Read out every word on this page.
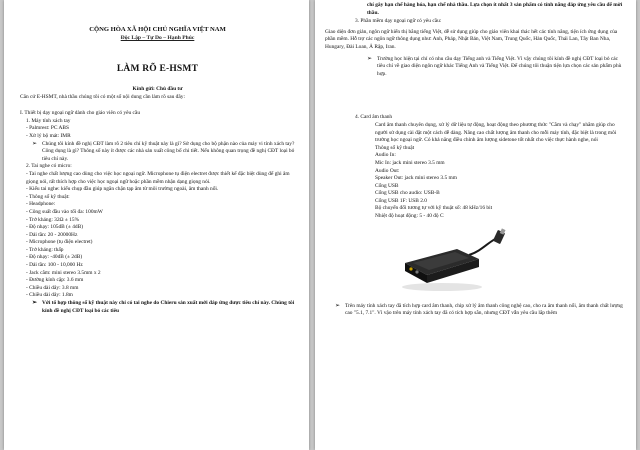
CỘNG HÒA XÃ HỘI CHỦ NGHĨA VIỆT NAM
Độc Lập – Tự Do – Hạnh Phúc
LÀM RÕ E-HSMT
Kính gửi: Chủ đầu tư
Căn cứ E-HSMT, nhà thầu chúng tôi có một số nội dung cần làm rõ sau đây:
I. Thiết bị dạy ngoại ngữ dành cho giáo viên có yêu cầu
1. Máy tính xách tay
- Palmrest: PC ABS
- Xử lý bộ mát: IMR
➢ Chúng tôi kính đề nghị CĐT làm rõ 2 tiêu chí kỹ thuật này là gì? Sử dụng cho bộ phận nào của máy vi tính xách tay? Công dụng là gì? Thông số này ít được các nhà sản xuất công bố chi tiết. Nếu không quan trọng đề nghị CĐT loại bỏ tiêu chí này.
2. Tai nghe có micro:
- Tai nghe chất lượng cao dùng cho việc học ngoại ngữ. Microphone tụ điện electret được thiết kế đặc biệt dùng để ghi âm giọng nói, rất thích hợp cho việc học ngoại ngữ hoặc phần mềm nhận dạng giọng nói.
- Kiểu tai nghe: kiểu chụp đầu giúp ngăn chặn tạp âm từ môi trường ngoài, âm thanh nổi.
- Thông số kỹ thuật:
- Headphone:
- Công suất đầu vào tối đa: 100mW
- Trở kháng: 32Ω ± 15%
- Độ nhạy: 105dB (± 4dB)
- Dải tần: 20 - 20000Hz
- Microphone (tụ điện electret)
- Trở kháng: thấp
- Độ nhạy: -40dB (± 2dB)
- Dải tần: 100 - 10,000 Hz
- Jack cắm: mini stereo 3.5mm x 2
- Đường kính cặp: 3.6 mm
- Chiều dài dây: 3.8 mm
- Chiều dài dây: 1.8m
➢ Với tổ hợp thông số kỹ thuật này chỉ có tai nghe do Chieru sản xuất mới đáp ứng được tiêu chí này. Chúng tôi kính đề nghị CĐT loại bỏ các tiêu
chí gây hạn chế hàng hóa, hạn chế nhà thầu. Lựa chọn ít nhất 3 sản phẩm có tính năng đáp ứng yêu cầu để mời thầu.
3. Phần mềm dạy ngoại ngữ có yêu cầu:
Giao diện đơn giản, ngôn ngữ hiển thị bằng tiếng Việt, dễ sử dụng giúp cho giáo viên khai thác hết các tính năng, tiện ích ứng dụng của phần mềm. Hỗ trợ các ngôn ngữ thông dụng như: Anh, Pháp, Nhật Bản, Việt Nam, Trung Quốc, Hàn Quốc, Thái Lan, Tây Ban Nha, Hungary, Đài Loan, Ả Rập, Iran.
➢ Trường học hiện tại chỉ có nhu cầu dạy Tiếng anh và Tiếng Việt. Vì vậy chúng tôi kính đề nghị CĐT loại bỏ các tiêu chí về giao diện ngôn ngữ khác Tiếng Anh và Tiếng Việt. Để chúng tôi thuận tiện lựa chọn các sản phẩm phù hợp.
4. Card âm thanh
Card âm thanh chuyên dụng, xử lý dữ liệu tự động, hoạt động theo phương thức "Cắm và chạy" nhằm giúp cho người sử dụng cài đặt một cách dễ dàng. Nâng cao chất lượng âm thanh cho mỗi máy tính, đặc biệt là trong môi trường học ngoại ngữ. Có khả năng điều chỉnh âm lượng sidetone tốt nhất cho việc thực hành nghe, nói
Thông số kỹ thuật
Audio In:
Mic In: jack mini stereo 3.5 mm
Audio Out:
Speaker Out: jack mini stereo 3.5 mm
Cổng USB
Cổng USB cho audio: USB-B
Cổng USB 1F: USB 2.0
Bộ chuyển đổi tương tự với kỹ thuật số: 48 kHz/16 bit
Nhiệt độ hoạt động: 5 - 40 độ C
➢ Trên máy tính xách tay đã tích hợp card âm thanh, chip xử lý âm thanh công nghệ cao, cho ra âm thanh nổi, âm thanh chất lượng cao "5.1, 7.1". Vì vậo trên máy tính xách tay đã có tích hợp sẵn, nhưng CĐT vẫn yêu cầu lắp thêm
